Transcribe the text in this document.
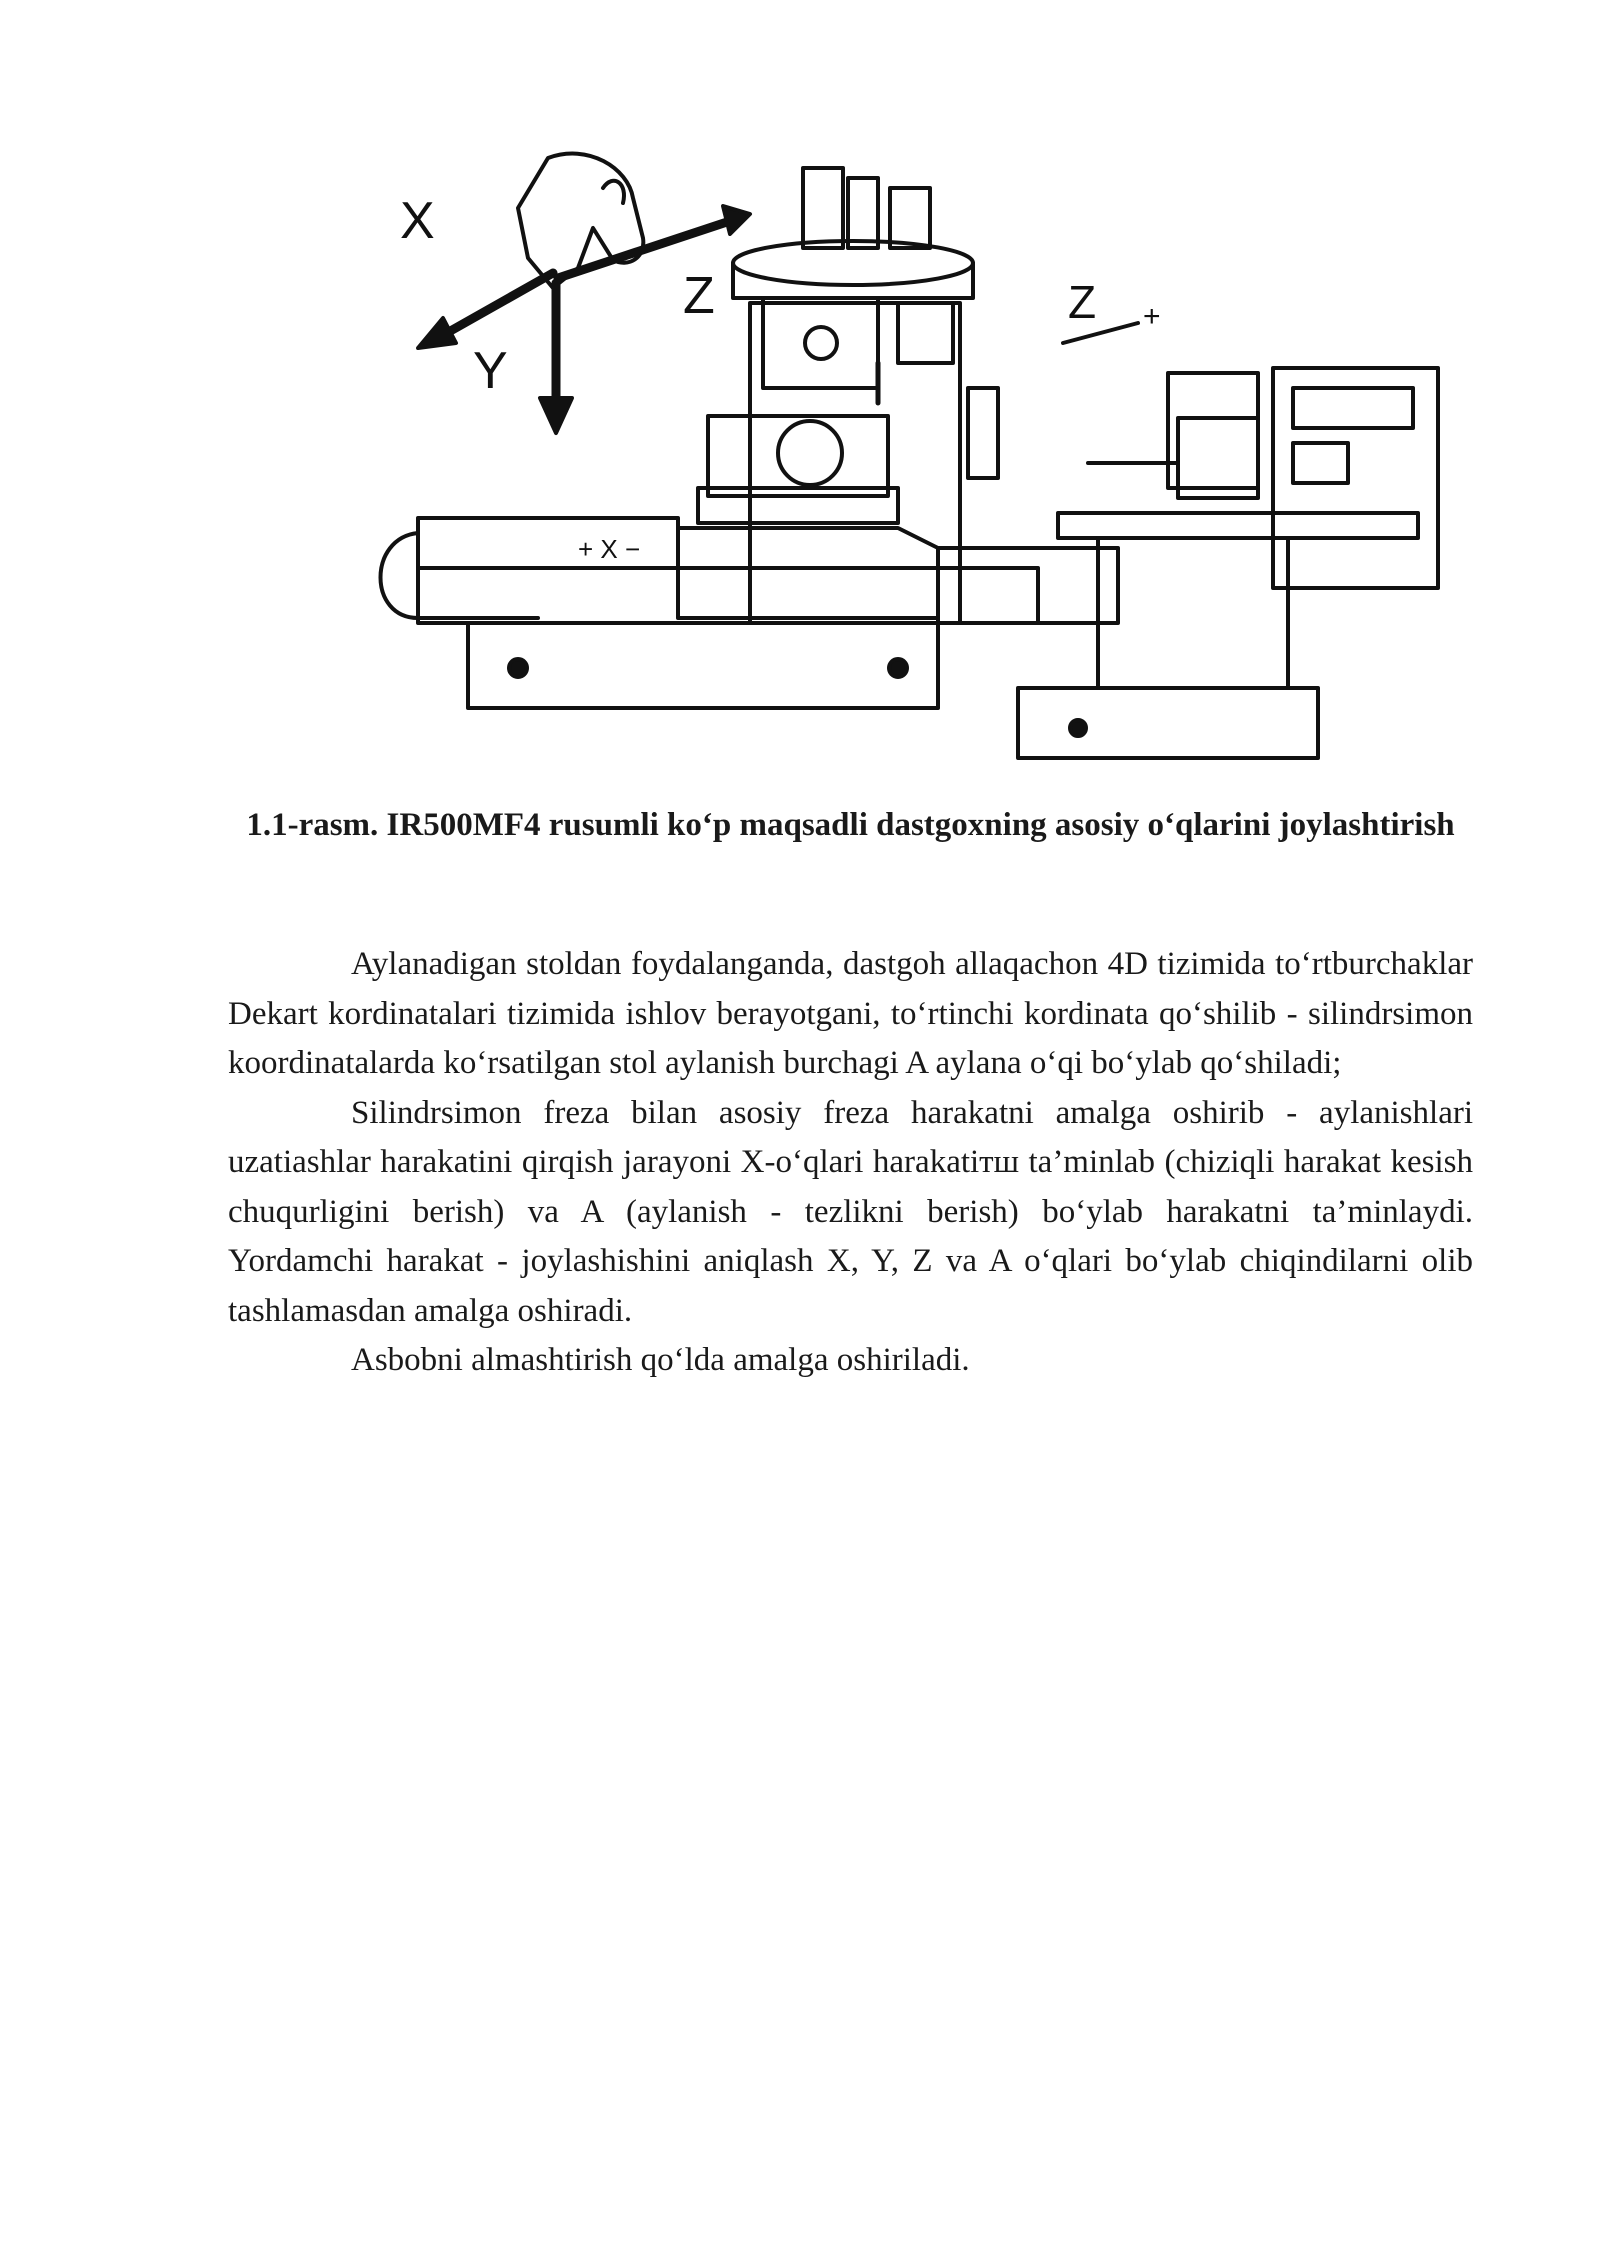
X
Z
Y
+ X −
Z +
1.1-rasm. IR500MF4 rusumli ko‘p maqsadli dastgoxning asosiy o‘qlarini joylashtirish

Aylanadigan stoldan foydalanganda, dastgoh allaqachon 4D tizimida to‘rtburchaklar Dekart kordinatalari tizimida ishlov berayotgani, to‘rtinchi kordinata qo‘shilib - silindrsimon koordinatalarda ko‘rsatilgan stol aylanish burchagi A aylana o‘qi bo‘ylab qo‘shiladi;

Silindrsimon freza bilan asosiy freza harakatni amalga oshirib - aylanishlari uzatiashlar harakatini qirqish jarayoni X-o‘qlari harakatiтш ta’minlab (chiziqli harakat kesish chuqurligini berish) va A (aylanish - tezlikni berish) bo‘ylab harakatni ta’minlaydi. Yordamchi harakat - joylashishini aniqlash X, Y, Z va A o‘qlari bo‘ylab chiqindilarni olib tashlamasdan amalga oshiradi.

Asbobni almashtirish qo‘lda amalga oshiriladi.
